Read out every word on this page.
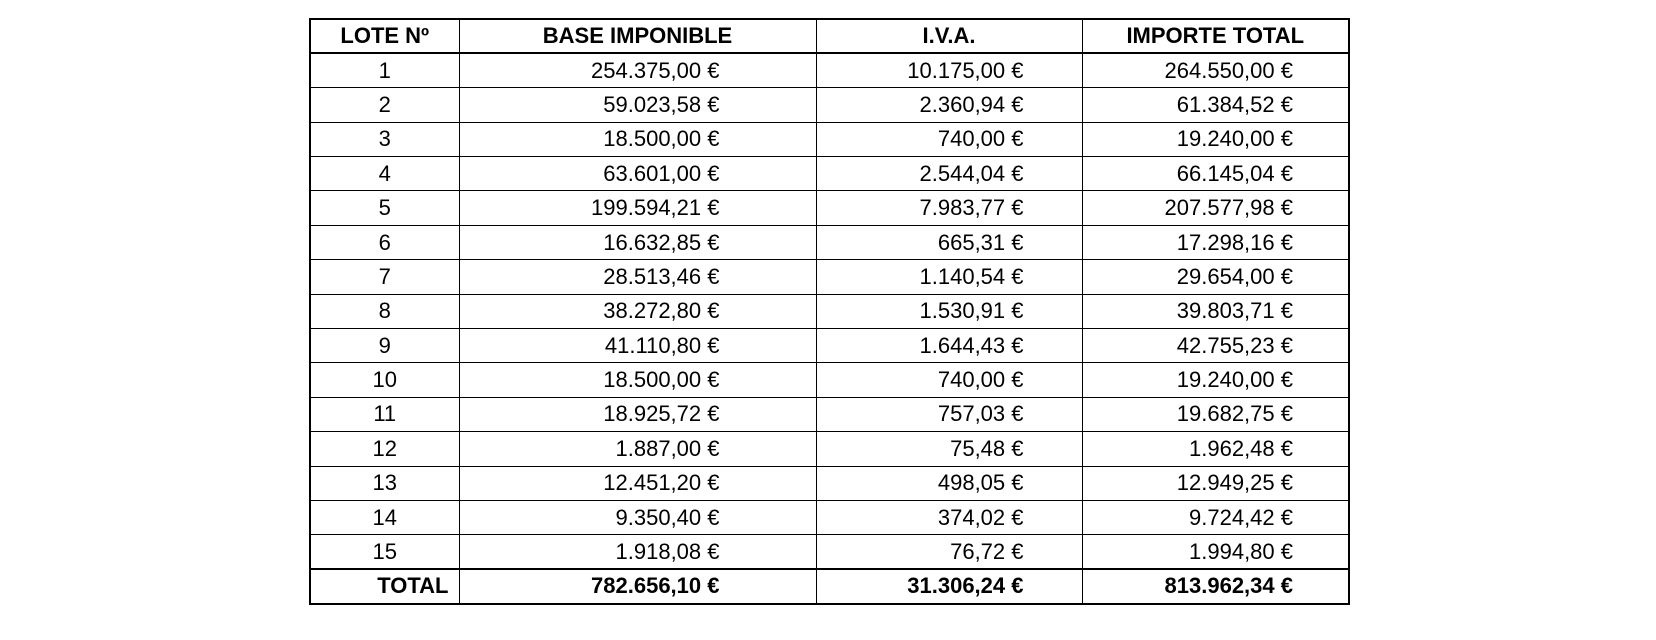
LOTE Nº	BASE IMPONIBLE	I.V.A.	IMPORTE TOTAL
1	254.375,00 €	10.175,00 €	264.550,00 €
2	59.023,58 €	2.360,94 €	61.384,52 €
3	18.500,00 €	740,00 €	19.240,00 €
4	63.601,00 €	2.544,04 €	66.145,04 €
5	199.594,21 €	7.983,77 €	207.577,98 €
6	16.632,85 €	665,31 €	17.298,16 €
7	28.513,46 €	1.140,54 €	29.654,00 €
8	38.272,80 €	1.530,91 €	39.803,71 €
9	41.110,80 €	1.644,43 €	42.755,23 €
10	18.500,00 €	740,00 €	19.240,00 €
11	18.925,72 €	757,03 €	19.682,75 €
12	1.887,00 €	75,48 €	1.962,48 €
13	12.451,20 €	498,05 €	12.949,25 €
14	9.350,40 €	374,02 €	9.724,42 €
15	1.918,08 €	76,72 €	1.994,80 €
TOTAL	782.656,10 €	31.306,24 €	813.962,34 €
